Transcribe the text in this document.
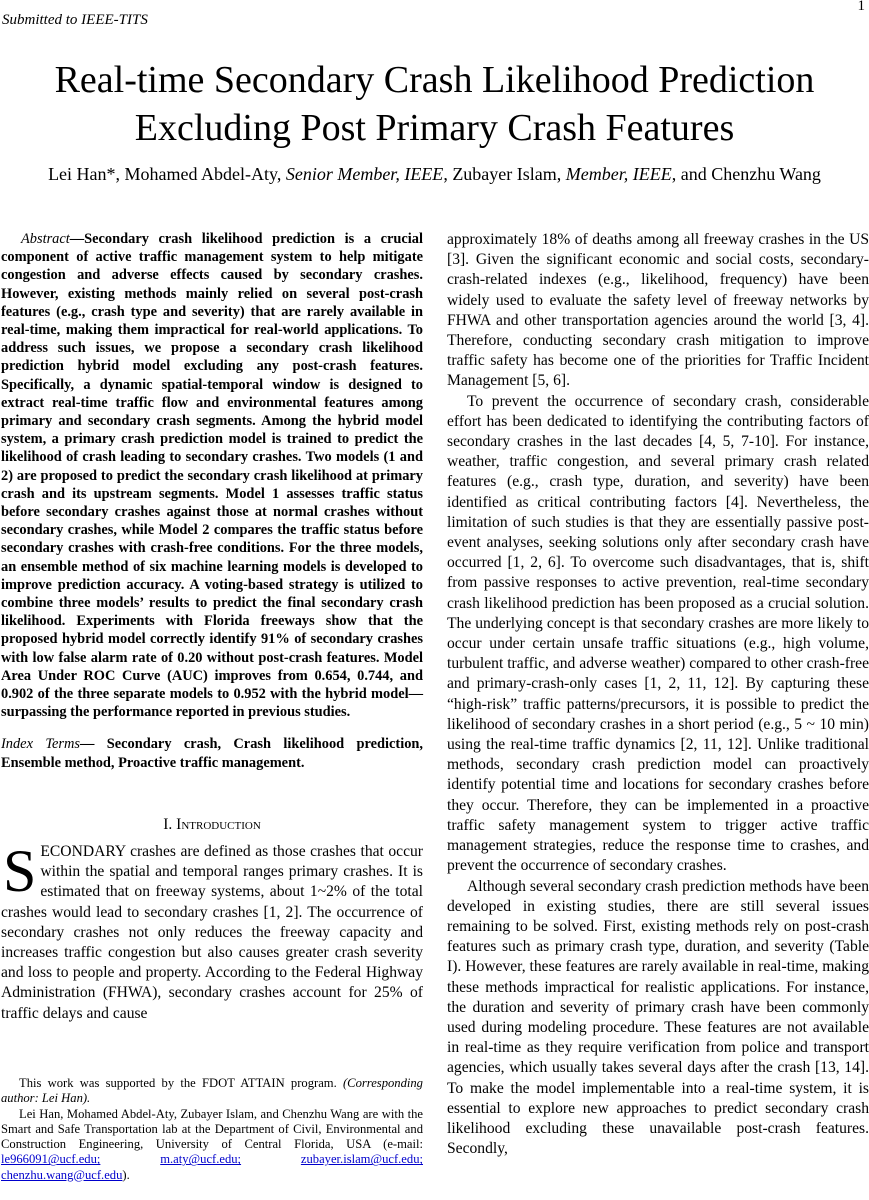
Submitted to IEEE-TITS
1
Real-time Secondary Crash Likelihood Prediction
Excluding Post Primary Crash Features
Lei Han*, Mohamed Abdel-Aty, Senior Member, IEEE, Zubayer Islam, Member, IEEE, and Chenzhu Wang

Abstract—Secondary crash likelihood prediction is a crucial component of active traffic management system to help mitigate congestion and adverse effects caused by secondary crashes. However, existing methods mainly relied on several post-crash features (e.g., crash type and severity) that are rarely available in real-time, making them impractical for real-world applications. To address such issues, we propose a secondary crash likelihood prediction hybrid model excluding any post-crash features. Specifically, a dynamic spatial-temporal window is designed to extract real-time traffic flow and environmental features among primary and secondary crash segments. Among the hybrid model system, a primary crash prediction model is trained to predict the likelihood of crash leading to secondary crashes. Two models (1 and 2) are proposed to predict the secondary crash likelihood at primary crash and its upstream segments. Model 1 assesses traffic status before secondary crashes against those at normal crashes without secondary crashes, while Model 2 compares the traffic status before secondary crashes with crash-free conditions. For the three models, an ensemble method of six machine learning models is developed to improve prediction accuracy. A voting-based strategy is utilized to combine three models’ results to predict the final secondary crash likelihood. Experiments with Florida freeways show that the proposed hybrid model correctly identify 91% of secondary crashes with low false alarm rate of 0.20 without post-crash features. Model Area Under ROC Curve (AUC) improves from 0.654, 0.744, and 0.902 of the three separate models to 0.952 with the hybrid model—surpassing the performance reported in previous studies.

Index Terms— Secondary crash, Crash likelihood prediction, Ensemble method, Proactive traffic management.

I. Introduction

SECONDARY crashes are defined as those crashes that occur within the spatial and temporal ranges primary crashes. It is estimated that on freeway systems, about 1~2% of the total crashes would lead to secondary crashes [1, 2]. The occurrence of secondary crashes not only reduces the freeway capacity and increases traffic congestion but also causes greater crash severity and loss to people and property. According to the Federal Highway Administration (FHWA), secondary crashes account for 25% of traffic delays and cause

This work was supported by the FDOT ATTAIN program. (Corresponding author: Lei Han).

Lei Han, Mohamed Abdel-Aty, Zubayer Islam, and Chenzhu Wang are with the Smart and Safe Transportation lab at the Department of Civil, Environmental and Construction Engineering, University of Central Florida, USA (e-mail: le966091@ucf.edu;	m.aty@ucf.edu;	zubayer.islam@ucf.edu; chenzhu.wang@ucf.edu).

approximately 18% of deaths among all freeway crashes in the US [3]. Given the significant economic and social costs, secondary-crash-related indexes (e.g., likelihood, frequency) have been widely used to evaluate the safety level of freeway networks by FHWA and other transportation agencies around the world [3, 4]. Therefore, conducting secondary crash mitigation to improve traffic safety has become one of the priorities for Traffic Incident Management [5, 6].

To prevent the occurrence of secondary crash, considerable effort has been dedicated to identifying the contributing factors of secondary crashes in the last decades [4, 5, 7-10]. For instance, weather, traffic congestion, and several primary crash related features (e.g., crash type, duration, and severity) have been identified as critical contributing factors [4]. Nevertheless, the limitation of such studies is that they are essentially passive post-event analyses, seeking solutions only after secondary crash have occurred [1, 2, 6]. To overcome such disadvantages, that is, shift from passive responses to active prevention, real-time secondary crash likelihood prediction has been proposed as a crucial solution. The underlying concept is that secondary crashes are more likely to occur under certain unsafe traffic situations (e.g., high volume, turbulent traffic, and adverse weather) compared to other crash-free and primary-crash-only cases [1, 2, 11, 12]. By capturing these “high-risk” traffic patterns/precursors, it is possible to predict the likelihood of secondary crashes in a short period (e.g., 5 ~ 10 min) using the real-time traffic dynamics [2, 11, 12]. Unlike traditional methods, secondary crash prediction model can proactively identify potential time and locations for secondary crashes before they occur. Therefore, they can be implemented in a proactive traffic safety management system to trigger active traffic management strategies, reduce the response time to crashes, and prevent the occurrence of secondary crashes.

Although several secondary crash prediction methods have been developed in existing studies, there are still several issues remaining to be solved. First, existing methods rely on post-crash features such as primary crash type, duration, and severity (Table I). However, these features are rarely available in real-time, making these methods impractical for realistic applications. For instance, the duration and severity of primary crash have been commonly used during modeling procedure. These features are not available in real-time as they require verification from police and transport agencies, which usually takes several days after the crash [13, 14]. To make the model implementable into a real-time system, it is essential to explore new approaches to predict secondary crash likelihood excluding these unavailable post-crash features. Secondly,
